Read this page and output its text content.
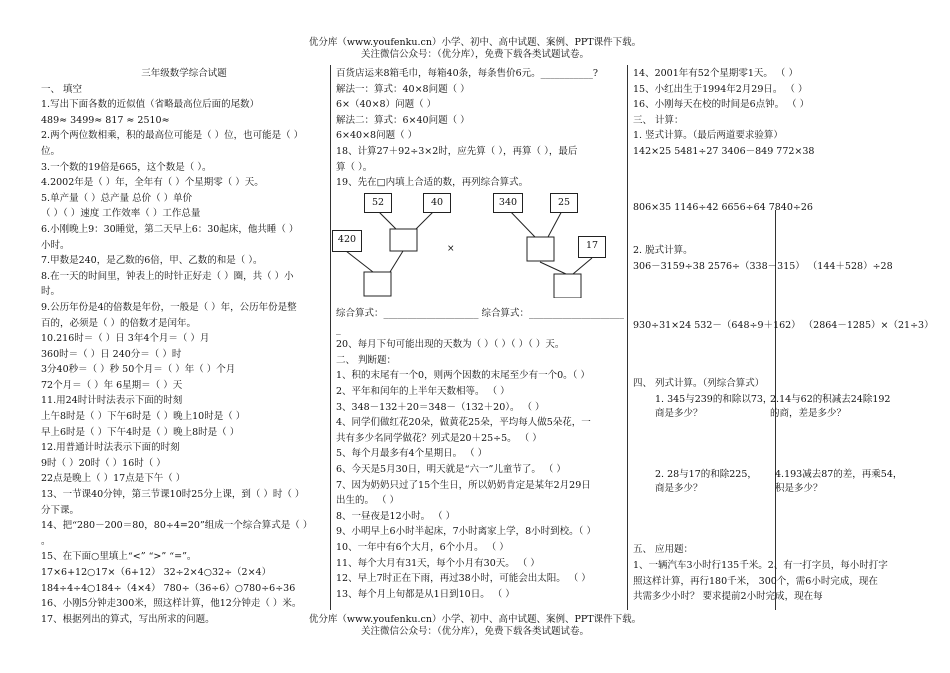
优分库（www.youfenku.cn）小学、初中、高中试题、案例、PPT课件下载。
关注微信公众号：（优分库），免费下载各类试题试卷。
优分库（www.youfenku.cn）小学、初中、高中试题、案例、PPT课件下载。
关注微信公众号：（优分库），免费下载各类试题试卷。
三年级数学综合试题
一、 填空
1.写出下面各数的近似值（省略最高位后面的尾数）
489≈ 3499≈ 817 ≈ 2510≈
2.两个两位数相乘，积的最高位可能是（ ）位，也可能是（ ）
位。
3.一个数的19倍是665，这个数是（ ）。
4.2002年是（ ）年，全年有（ ）个星期零（ ）天。
5.单产量（ ）总产量 总价（ ）单价
（ ）（ ）速度 工作效率（ ）工作总量
6.小刚晚上9：30睡觉，第二天早上6：30起床，他共睡（ ）
小时。
7.甲数是240，是乙数的6倍，甲、乙数的和是（ ）。
8.在一天的时间里，钟表上的时针正好走（ ）圈，共（ ）小
时。
9.公历年份是4的倍数是年份，一般是（ ）年，公历年份是整
百的，必须是（ ）的倍数才是闰年。
10.216时＝（ ）日 3年4个月＝（ ）月
360时＝（ ）日 240分＝（ ）时
3分40秒＝（ ）秒 50个月＝（ ）年（ ）个月
72个月＝（ ）年 6星期＝（ ）天
11.用24时计时法表示下面的时刻
上午8时是（ ）下午6时是（ ）晚上10时是（ ）
早上6时是（ ）下午4时是（ ）晚上8时是（ ）
12.用普通计时法表示下面的时刻
9时（ ）20时（ ）16时（ ）
22点是晚上（ ）17点是下午（ ）
13、一节课40分钟，第三节课10时25分上课，到（ ）时（ ）
分下课。
14、把“280－200＝80，80÷4=20”组成一个综合算式是（ ）
。
15、在下面○里填上“<” “>” “=”。
17×6+12○17×（6+12） 32÷2×4○32÷（2×4）
184÷4÷4○184÷（4×4） 780÷（36÷6）○780÷6÷36
16、小刚5分钟走300米，照这样计算，他12分钟走（ ）米。
17、根据列出的算式，写出所求的问题。
百货店运来8箱毛巾，每箱40条，每条售价6元。___________?
解法一：算式：40×8问题（ ）
6×（40×8）问题（ ）
解法二：算式：6×40问题（ ）
6×40×8问题（ ）
18、计算27＋92÷3×2时，应先算（ ），再算（ ），最后
算（ ）。
19、先在□内填上合适的数，再列综合算式。
52	40
420
340	25
17
×
综合算式：____________________ 综合算式：____________________
_
20、每月下旬可能出现的天数为（ ）（ ）（ ）（ ）天。
二、 判断题：
1、积的末尾有一个0，则两个因数的末尾至少有一个0。（ ）
2、平年和闰年的上半年天数相等。 （ ）
3、348－132＋20＝348－（132＋20）。 （ ）
4、同学们做红花20朵，做黄花25朵，平均每人做5朵花，一
共有多少名同学做花？列式是20＋25÷5。 （ ）
5、每个月最多有4个星期日。 （ ）
6、今天是5月30日，明天就是“六一”儿童节了。 （ ）
7、因为奶奶只过了15个生日，所以奶奶肯定是某年2月29日
出生的。 （ ）
8、一昼夜是12小时。 （ ）
9、小明早上6小时半起床，7小时离家上学，8小时到校。（ ）
10、一年中有6个大月，6个小月。 （ ）
11、每个大月有31天，每个小月有30天。 （ ）
12、早上7时正在下雨，再过38小时，可能会出太阳。 （ ）
13、每个月上旬都是从1日到10日。 （ ）
14、2001年有52个星期零1天。 （ ）
15、小红出生于1994年2月29日。 （ ）
16、小刚每天在校的时间是6点钟。 （ ）
三、 计算：
1. 竖式计算。（最后两道要求验算）
142×25 5481÷27 3406－849 772×38
806×35 1146÷42 6656÷64 7840÷26
2. 脱式计算。
306－3159÷38 2576÷（338－315） （144＋528）÷28
930÷31×24 532－（648÷9＋162） （2864－1285）×（21÷3）
四、 列式计算。（列综合算式）
1. 345与239的和除以73，
商是多少？
2.14与62的积减去24除192
的商，差是多少？
2. 28与17的和除225，
商是多少？
4.193减去87的差，再乘54，
积是多少？
五、 应用题：
1、一辆汽车3小时行135千米。2、有一打字员，每小时打字
照这样计算，再行180千米， 300个，需6小时完成，现在
共需多少小时？ 要求提前2小时完成，现在每
